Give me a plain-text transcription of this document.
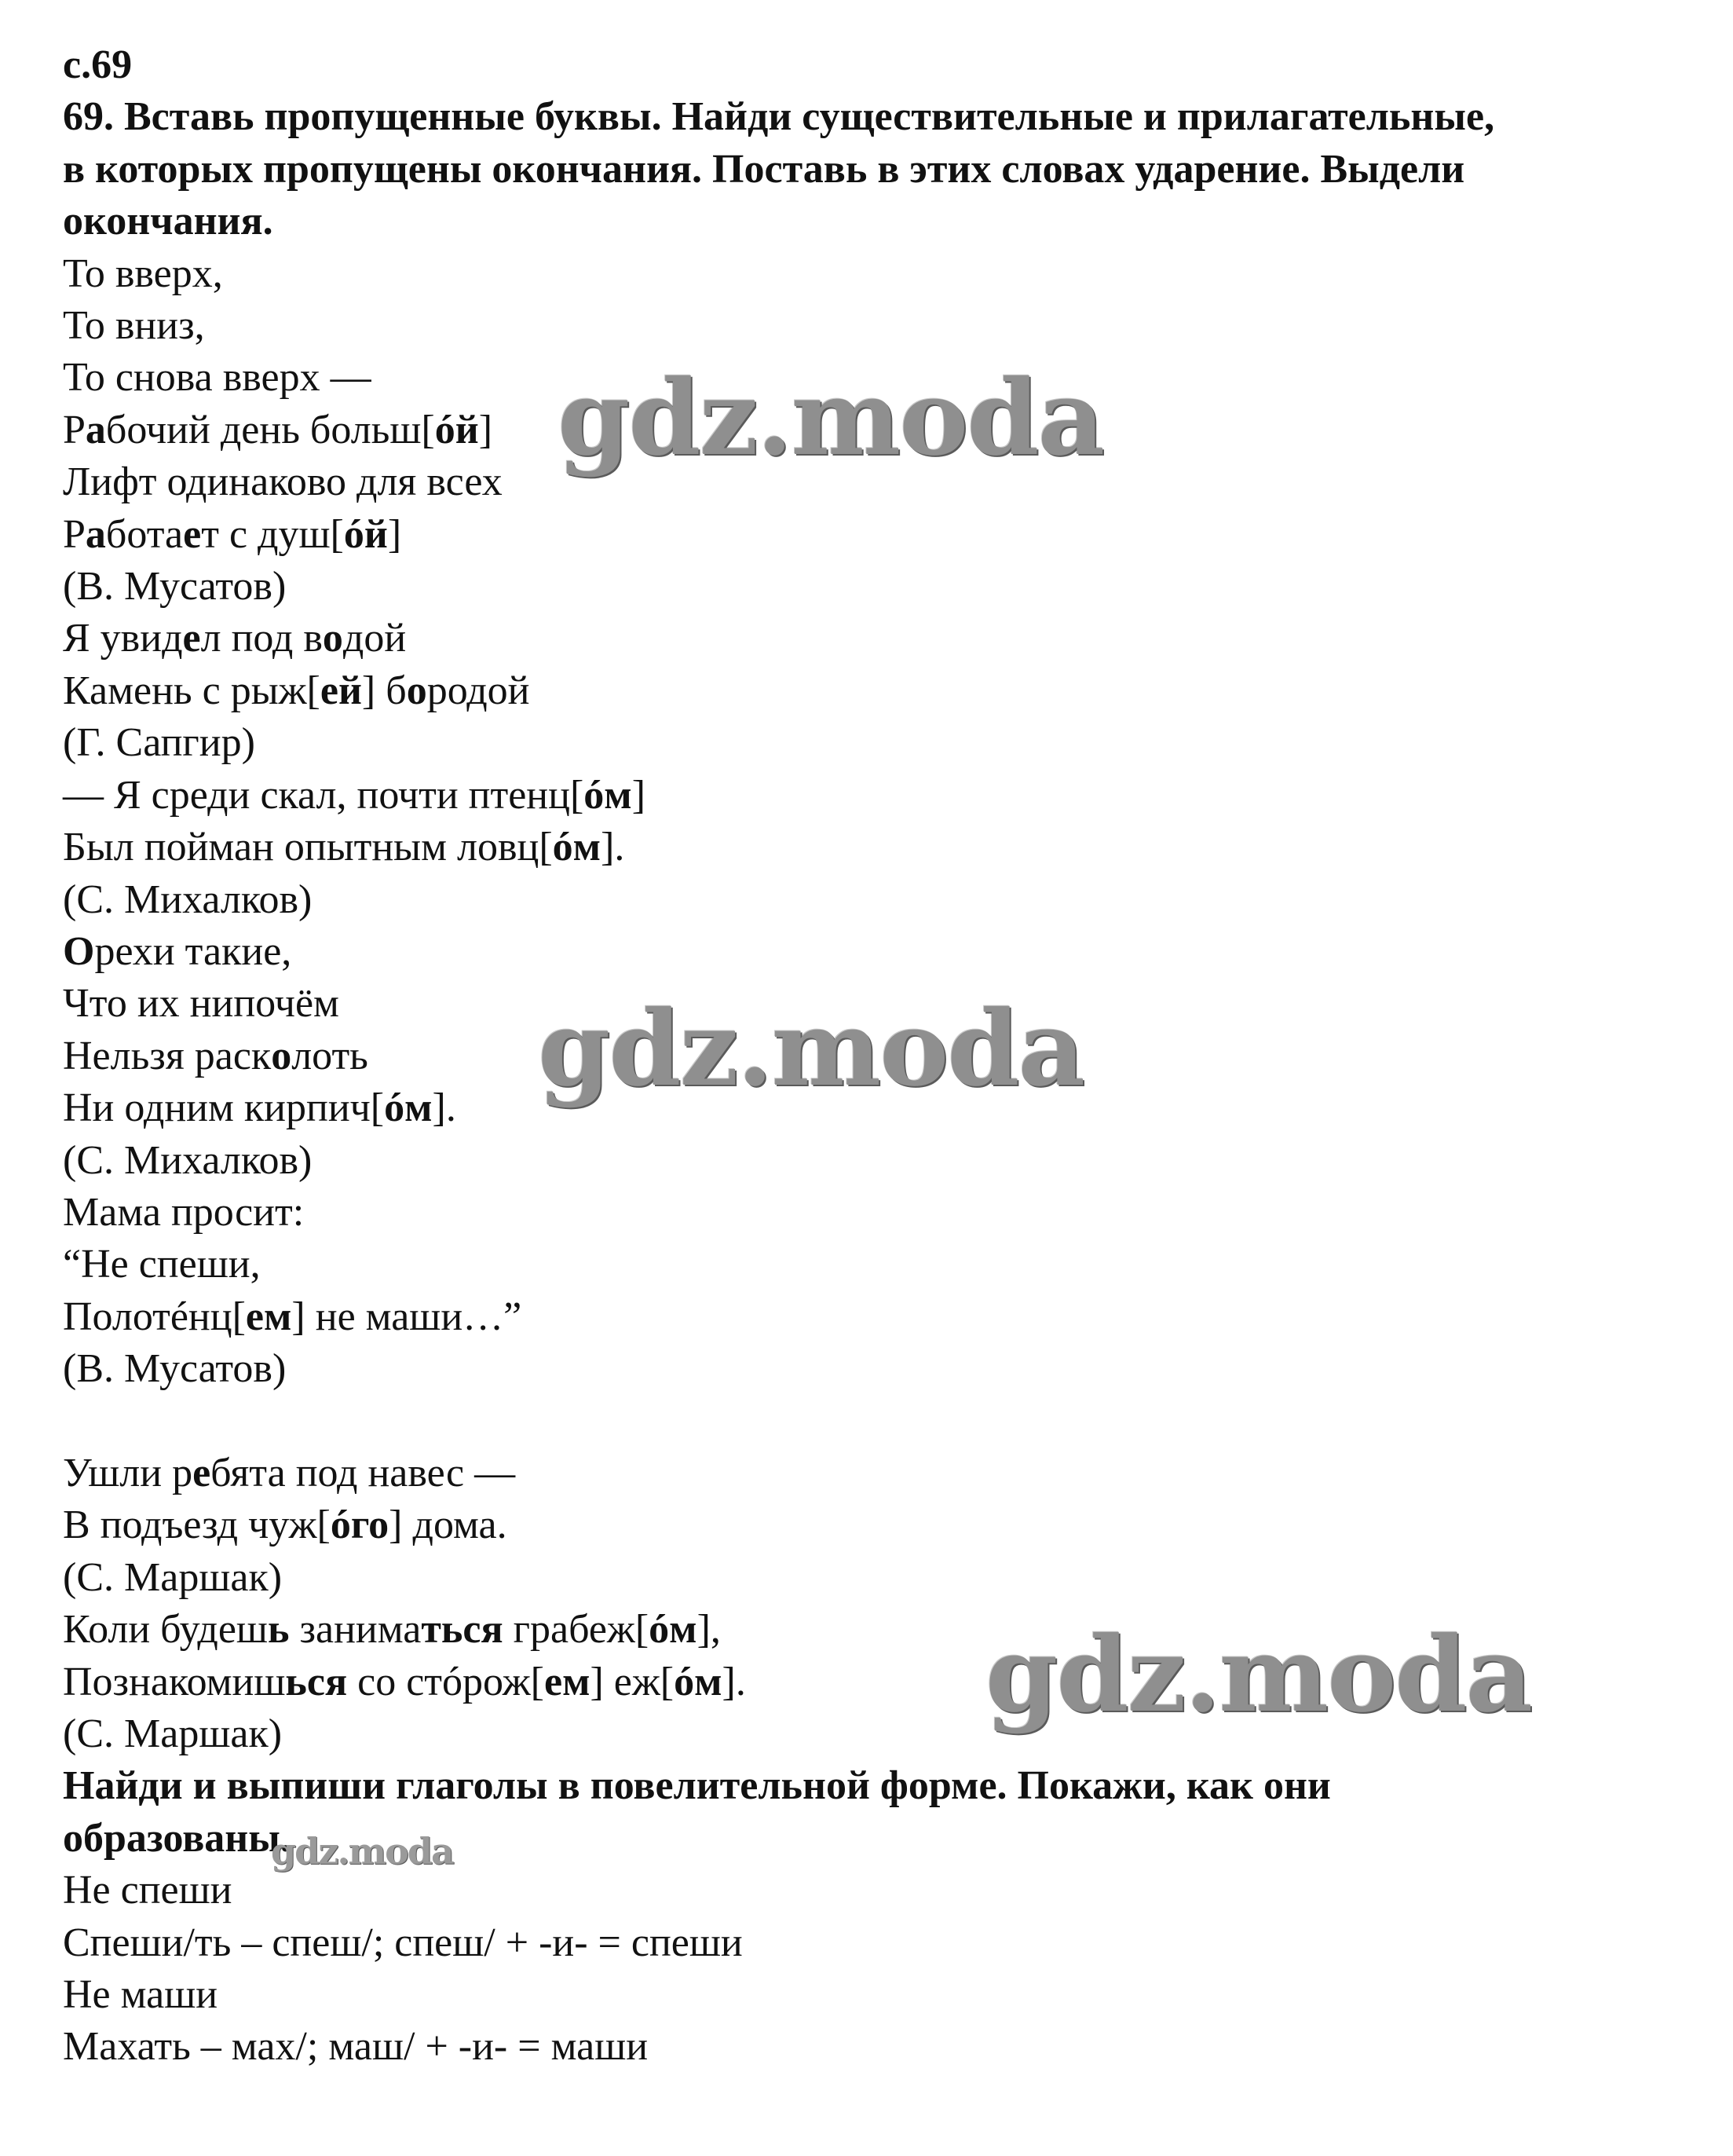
с.69
69. Вставь пропущенные буквы. Найди существительные и прилагательные, в которых пропущены окончания. Поставь в этих словах ударение. Выдели окончания.
То вверх,
То вниз,
То снова вверх —
Рабочий день больш[óй]
Лифт одинаково для всех
Работает с душ[óй]
(В. Мусатов)
Я увидел под водой
Камень с рыж[ей] бородой
(Г. Сапгир)
— Я среди скал, почти птенц[óм]
Был пойман опытным ловц[óм].
(С. Михалков)
Орехи такие,
Что их нипочём
Нельзя расколоть
Ни одним кирпич[óм].
(С. Михалков)
Мама просит:
“Не спеши,
Полотéнц[ем] не маши…”
(В. Мусатов)
Ушли ребята под навес —
В подъезд чуж[óго] дома.
(С. Маршак)
Коли будешь заниматься грабеж[óм],
Познакомишься со стóрож[ем] еж[óм].
(С. Маршак)
Найди и выпиши глаголы в повелительной форме. Покажи, как они образованы.
Не спеши
Спеши/ть – спеш/; спеш/ + -и- = спеши
Не маши
Махать – мах/; маш/ + -и- = маши
gdz.moda
gdz.moda
gdz.moda
gdz.moda
